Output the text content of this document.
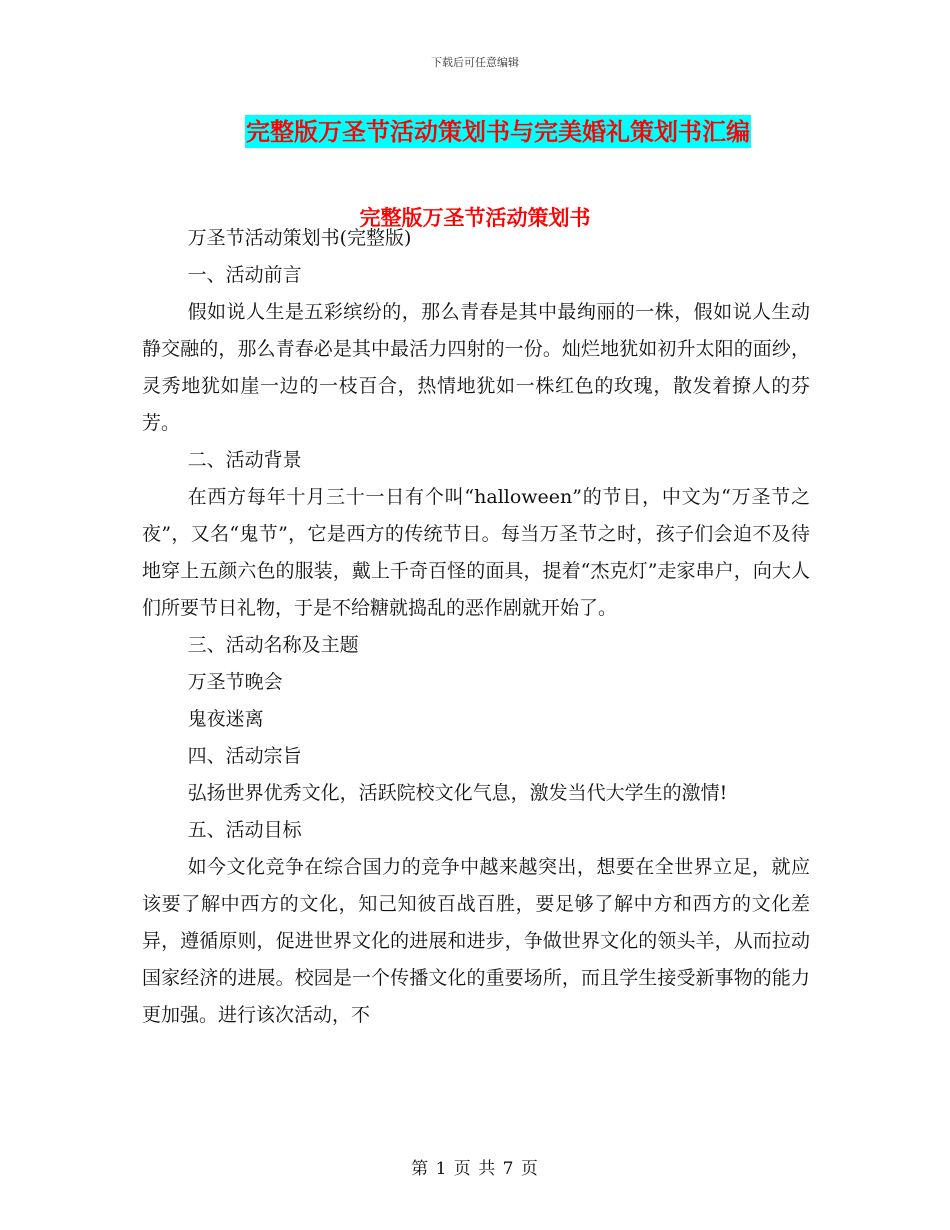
下载后可任意编辑
完整版万圣节活动策划书与完美婚礼策划书汇编
完整版万圣节活动策划书

万圣节活动策划书(完整版)

一、活动前言

假如说人生是五彩缤纷的，那么青春是其中最绚丽的一株，假如说人生动静交融的，那么青春必是其中最活力四射的一份。灿烂地犹如初升太阳的面纱，灵秀地犹如崖一边的一枝百合，热情地犹如一株红色的玫瑰，散发着撩人的芬芳。

二、活动背景

在西方每年十月三十一日有个叫“halloween”的节日，中文为“万圣节之夜”，又名“鬼节”，它是西方的传统节日。每当万圣节之时，孩子们会迫不及待地穿上五颜六色的服装，戴上千奇百怪的面具，提着“杰克灯”走家串户，向大人们所要节日礼物，于是不给糖就捣乱的恶作剧就开始了。

三、活动名称及主题

万圣节晚会

鬼夜迷离

四、活动宗旨

弘扬世界优秀文化，活跃院校文化气息，激发当代大学生的激情!

五、活动目标

如今文化竞争在综合国力的竞争中越来越突出，想要在全世界立足，就应该要了解中西方的文化，知己知彼百战百胜，要足够了解中方和西方的文化差异，遵循原则，促进世界文化的进展和进步，争做世界文化的领头羊，从而拉动国家经济的进展。校园是一个传播文化的重要场所，而且学生接受新事物的能力更加强。进行该次活动，不

第 1 页 共 7 页
